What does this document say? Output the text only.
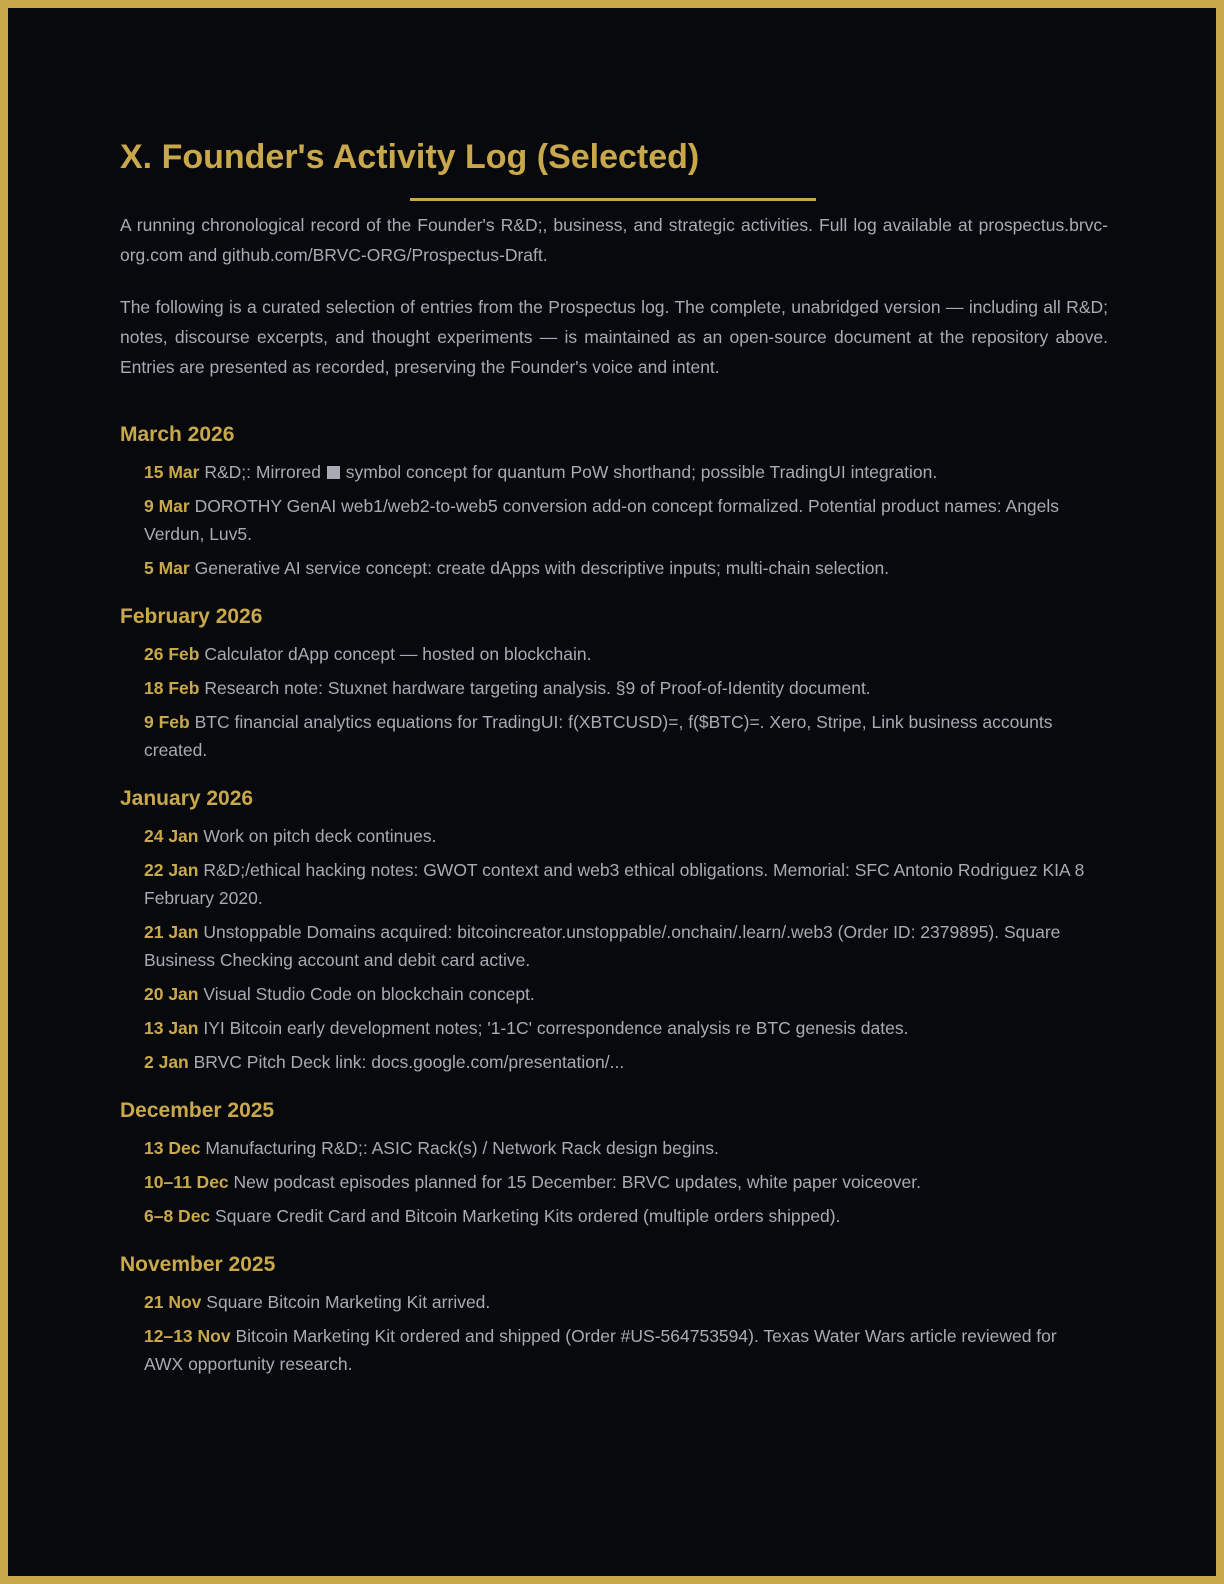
X. Founder's Activity Log (Selected)

A running chronological record of the Founder's R&D;, business, and strategic activities. Full log available at prospectus.brvc-org.com and github.com/BRVC-ORG/Prospectus-Draft.

The following is a curated selection of entries from the Prospectus log. The complete, unabridged version — including all R&D; notes, discourse excerpts, and thought experiments — is maintained as an open-source document at the repository above. Entries are presented as recorded, preserving the Founder's voice and intent.

March 2026

15 Mar R&D;: Mirrored symbol concept for quantum PoW shorthand; possible TradingUI integration.

9 Mar DOROTHY GenAI web1/web2-to-web5 conversion add-on concept formalized. Potential product names: Angels Verdun, Luv5.

5 Mar Generative AI service concept: create dApps with descriptive inputs; multi-chain selection.

February 2026

26 Feb Calculator dApp concept — hosted on blockchain.

18 Feb Research note: Stuxnet hardware targeting analysis. §9 of Proof-of-Identity document.

9 Feb BTC financial analytics equations for TradingUI: f(XBTCUSD)=, f($BTC)=. Xero, Stripe, Link business accounts created.

January 2026

24 Jan Work on pitch deck continues.

22 Jan R&D;/ethical hacking notes: GWOT context and web3 ethical obligations. Memorial: SFC Antonio Rodriguez KIA 8 February 2020.

21 Jan Unstoppable Domains acquired: bitcoincreator.unstoppable/.onchain/.learn/.web3 (Order ID: 2379895). Square Business Checking account and debit card active.

20 Jan Visual Studio Code on blockchain concept.

13 Jan IYI Bitcoin early development notes; '1-1C' correspondence analysis re BTC genesis dates.

2 Jan BRVC Pitch Deck link: docs.google.com/presentation/...

December 2025

13 Dec Manufacturing R&D;: ASIC Rack(s) / Network Rack design begins.

10–11 Dec New podcast episodes planned for 15 December: BRVC updates, white paper voiceover.

6–8 Dec Square Credit Card and Bitcoin Marketing Kits ordered (multiple orders shipped).

November 2025

21 Nov Square Bitcoin Marketing Kit arrived.

12–13 Nov Bitcoin Marketing Kit ordered and shipped (Order #US-564753594). Texas Water Wars article reviewed for AWX opportunity research.
